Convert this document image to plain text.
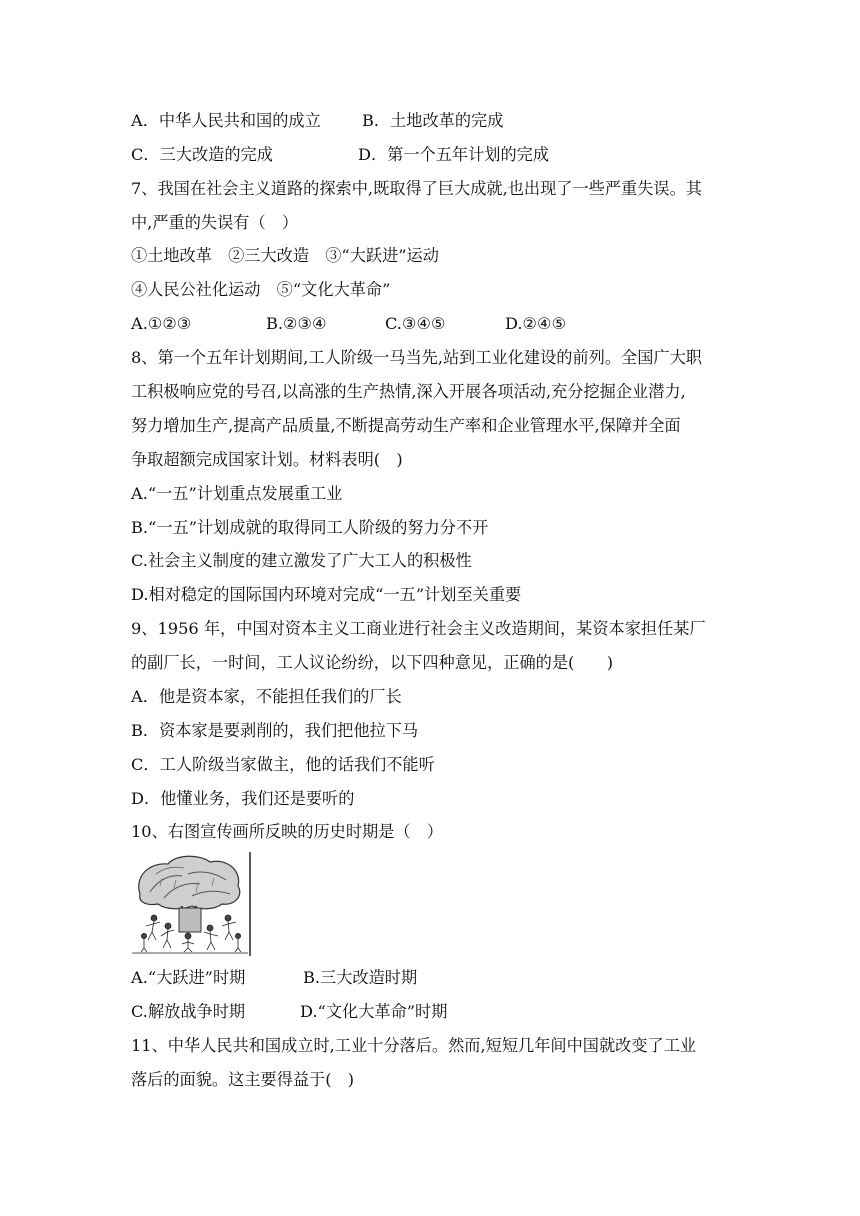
A．中华人民共和国的成立	B．土地改革的完成
C．三大改造的完成	D．第一个五年计划的完成
7、我国在社会主义道路的探索中,既取得了巨大成就,也出现了一些严重失误。其
中,严重的失误有（　）
①土地改革　②三大改造　③“大跃进”运动
④人民公社化运动　⑤“文化大革命”
A.①②③	B.②③④	C.③④⑤	D.②④⑤
8、第一个五年计划期间,工人阶级一马当先,站到工业化建设的前列。全国广大职
工积极响应党的号召,以高涨的生产热情,深入开展各项活动,充分挖掘企业潜力,
努力增加生产,提高产品质量,不断提高劳动生产率和企业管理水平,保障并全面
争取超额完成国家计划。材料表明(　)
A.“一五”计划重点发展重工业
B.“一五”计划成就的取得同工人阶级的努力分不开
C.社会主义制度的建立激发了广大工人的积极性
D.相对稳定的国际国内环境对完成“一五”计划至关重要
9、1956 年，中国对资本主义工商业进行社会主义改造期间，某资本家担任某厂
的副厂长，一时间，工人议论纷纷，以下四种意见，正确的是(　　)
A．他是资本家，不能担任我们的厂长
B．资本家是要剥削的，我们把他拉下马
C．工人阶级当家做主，他的话我们不能听
D．他懂业务，我们还是要听的
10、右图宣传画所反映的历史时期是（　）
A.“大跃进”时期	B.三大改造时期
C.解放战争时期	D.“文化大革命”时期
11、中华人民共和国成立时,工业十分落后。然而,短短几年间中国就改变了工业
落后的面貌。这主要得益于(　)
